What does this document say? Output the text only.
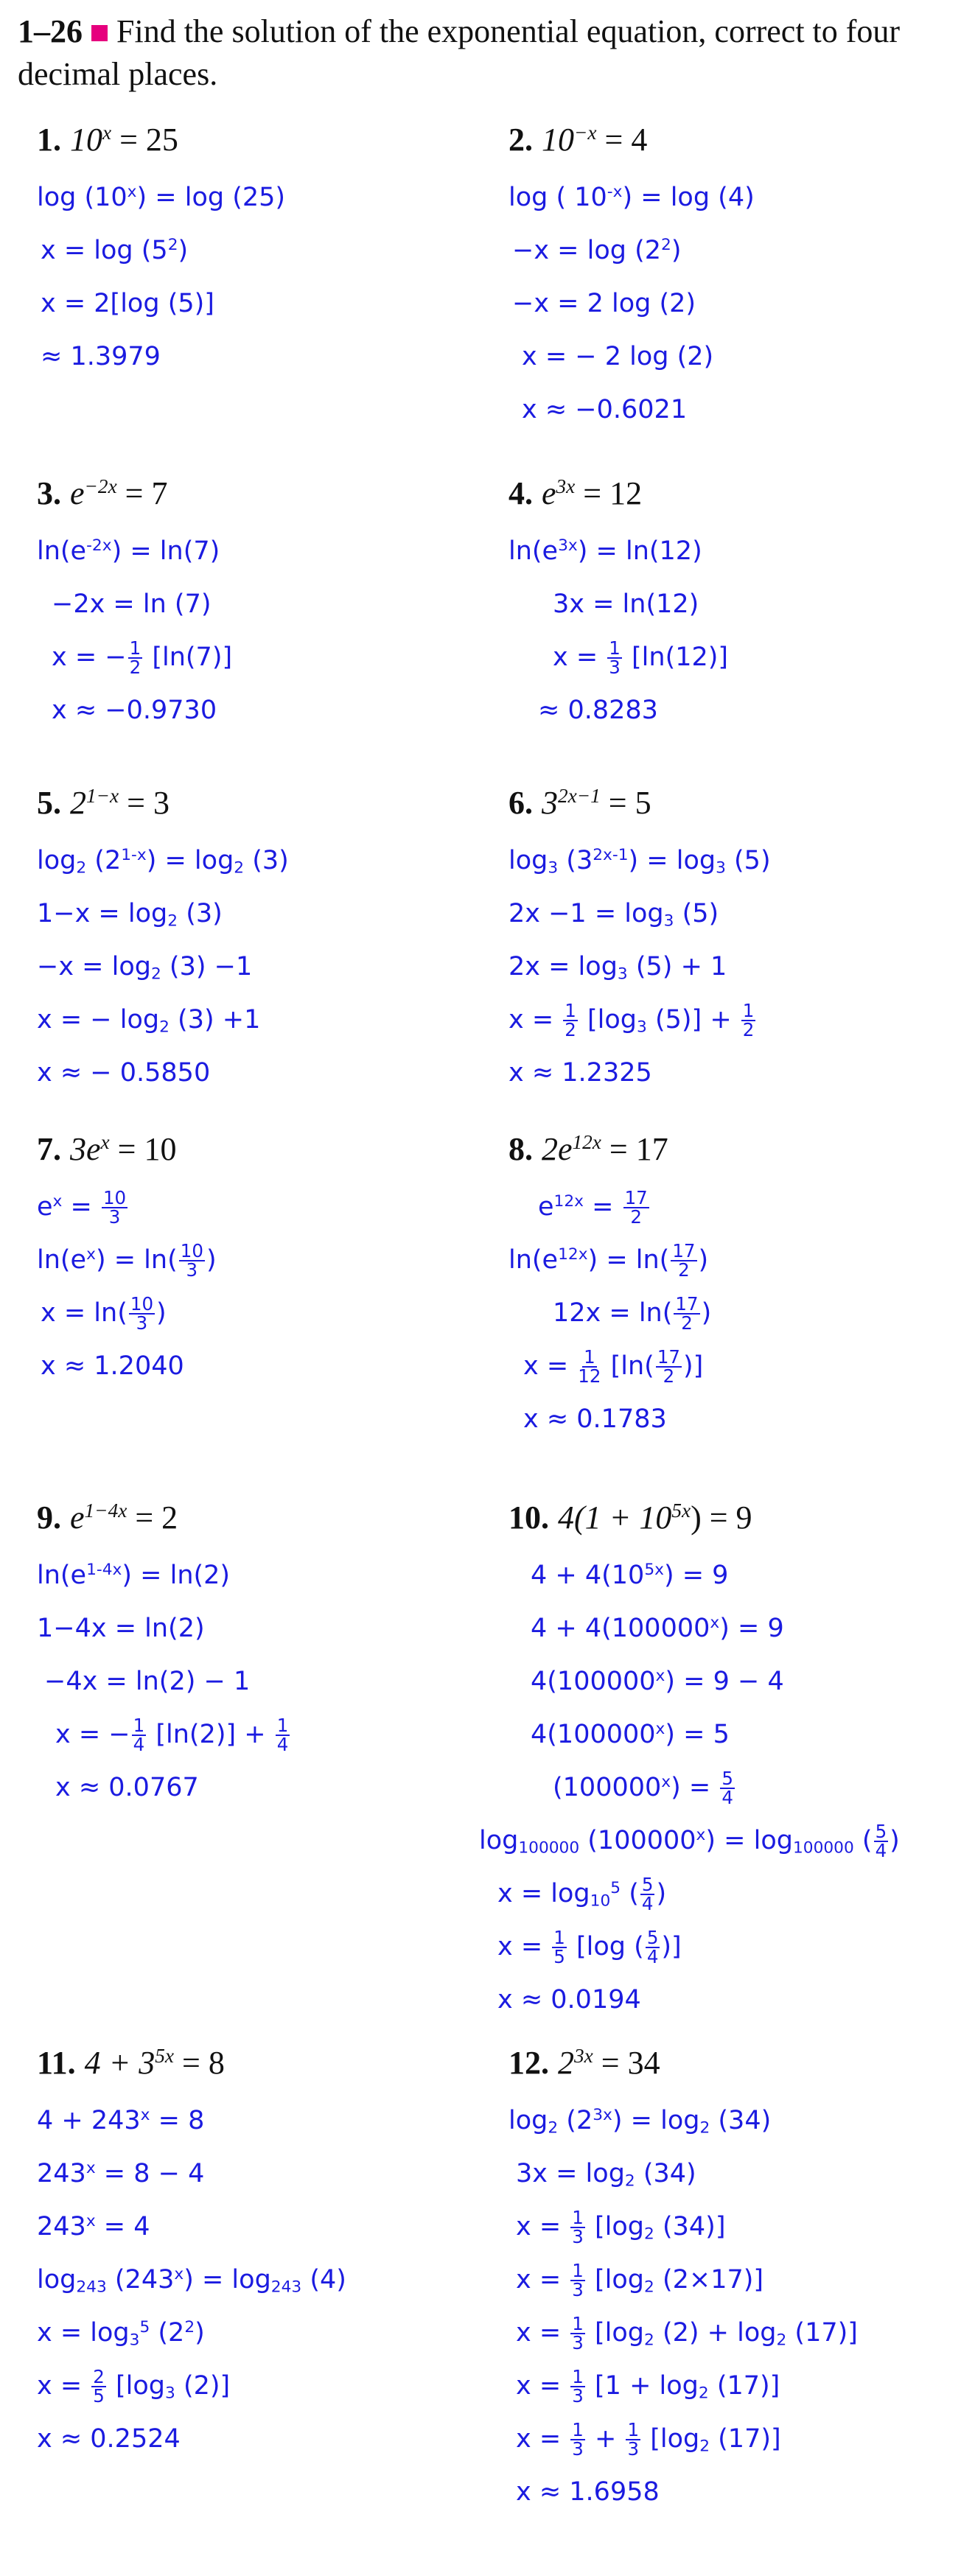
1–26 Find the solution of the exponential equation, correct to four decimal places.
1. $10^x = 25$
$\log (10^x) = \log (25)$
$x = \log (5^2)$
x = 2[log (5)]
≈ 1.3979
2. $10^{-x} = 4$
log ( $10^{-x}) = \log (4)$
$-x = \log (2^2)$
−x = 2 log (2)
x = − 2 log (2)
x ≈ −0.6021
3. $e^{-2x} = 7$
$\ln(e^{-2x}) = \ln(7)$
−2x = ln (7)
x = − $\frac{1}{2} [\ln(7)]$
x ≈ −0.9730
4. $e^{3x} = 12$
$\ln(e^{3x}) = \ln(12)$
3x = ln(12)
$x = \frac{1}{3} [\ln(12)]$
≈ 0.8283
5. $2^{1-x} = 3$
$\log_2 (2^{1-x}) = \log_2 (3)$
$1-x = \log_2 (3)$
$-x = \log_2 (3) -1$
x = − $\log_2 (3) +1$
x ≈ − 0.5850
6. $3^{2x-1} = 5$
$\log_3 (3^{2x-1}) = \log_3 (5)$
$2x -1 = \log_3 (5)$
$2x = \log_3 (5) + 1$
$x = \frac{1}{2} [\log_3$ $(5)] + \frac{1}{2}$
x ≈ 1.2325
7. $3e^x = 10$
$e^x = \frac{10}{3}$
$\ln(e^x) = \ln( \frac{10}{3}$ )
$x = \ln( \frac{10}{3}$ )
x ≈ 1.2040
8. $2e^{12x} = 17$
$e^{12x} = \frac{17}{2}$
$\ln(e^{12x}) = \ln( \frac{17}{2}$ )
$12x = \ln( \frac{17}{2}$ )
$x = \frac{1}{12} [\ln( \frac{17}{2}$ )]
x ≈ 0.1783
9. $e^{1-4x} = 2$
$\ln(e^{1-4x}) = \ln(2)$
1−4x = ln(2)
−4x = ln(2) − 1
x = − $\frac{1}{4} [\ln(2)] + \frac{1}{4}$
x ≈ 0.0767
10. $4(1 + 10^{5x}) = 9$
$4 + 4(10^{5x}) = 9$
$4 + 4(100000^x) = 9$
$4(100000^x) = 9 - 4$
$4(100000^x) = 5$
$(100000^x) = \frac{5}{4}$
$\log_{100000} (100000^x) = \log_{100000}$ ( $\frac{5}{4}$ )
$x = \log_{10}^5$ ( $\frac{5}{4}$ )
$x = \frac{1}{5} [\log$ ( $\frac{5}{4}$ )]
x ≈ 0.0194
11. $4 + 3^{5x} = 8$
$4 + 243^x = 8$
$243^x = 8 - 4$
$243^x = 4$
$\log_{243} (243^x) = \log_{243} (4)$
$x = \log_3^5 (2^2)$
$x = \frac{2}{5} [\log_3$ (2)]
x ≈ 0.2524
12. $2^{3x} = 34$
$\log_2 (2^{3x}) = \log_2 (34)$
$3x = \log_2 (34)$
$x = \frac{1}{3} [\log_2$ (34)]
$x = \frac{1}{3} [\log_2$ (2×17)]
$x = \frac{1}{3} [\log_2$ $(2) + \log_2 (17)$]
$x = \frac{1}{3} [1 + \log_2 (17)]$
$x = \frac{1}{3} + \frac{1}{3} [\log_2$ (17)]
x ≈ 1.6958
